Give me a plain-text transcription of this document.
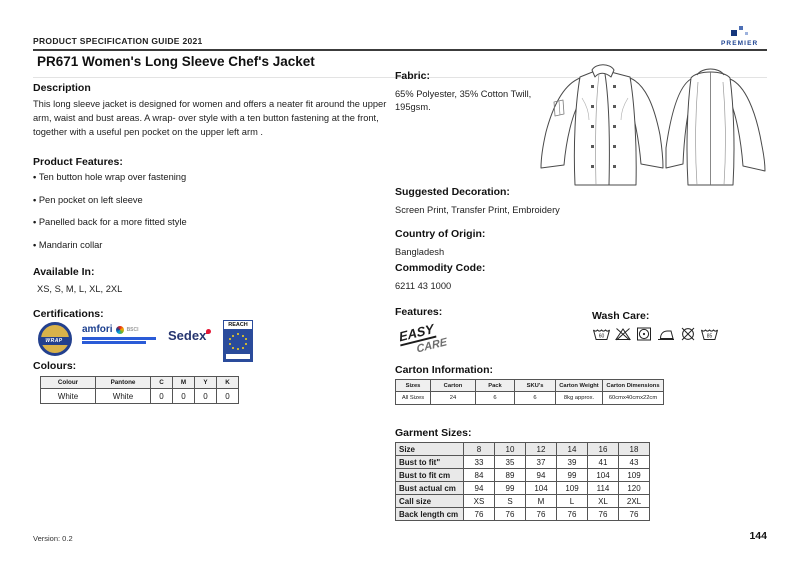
PRODUCT SPECIFICATION GUIDE 2021	PREMIER
PR671 Women's Long Sleeve Chef's Jacket
Description
This long sleeve jacket is designed for women and offers a neater fit around the upper arm, waist and bust areas. A wrap- over style with a ten button fastening at the front, together with a useful pen pocket on the upper left arm .
Product Features:
• Ten button hole wrap over fastening
• Pen pocket on left sleeve
• Panelled back for a more fitted style
• Mandarin collar
Available In:
XS, S, M, L, XL, 2XL
Certifications:
WRAP
amfori	BSCI Sedex
REACH
Colours:
Colour	Pantone	C	M	Y	K
White	White	0	0	0	0
Fabric:
65% Polyester, 35% Cotton Twill,
195gsm.
Suggested Decoration:
Screen Print, Transfer Print, Embroidery
Country of Origin:
Bangladesh
Commodity Code:
6211 43 1000
Features:
EASY
CARE
Wash Care:
60	85
Carton Information:
Sizes	Carton	Pack	SKU's	Carton Weight	Carton Dimensions
All Sizes	24	6	6	8kg approx.	60cmx40cmx22cm
Garment Sizes:
Size	8	10	12	14	16	18
Bust to fit"	33	35	37	39	41	43
Bust to fit cm	84	89	94	99	104	109
Bust actual cm	94	99	104	109	114	120
Call size	XS	S	M	L	XL	2XL
Back length cm	76	76	76	76	76	76
Version: 0.2	144
